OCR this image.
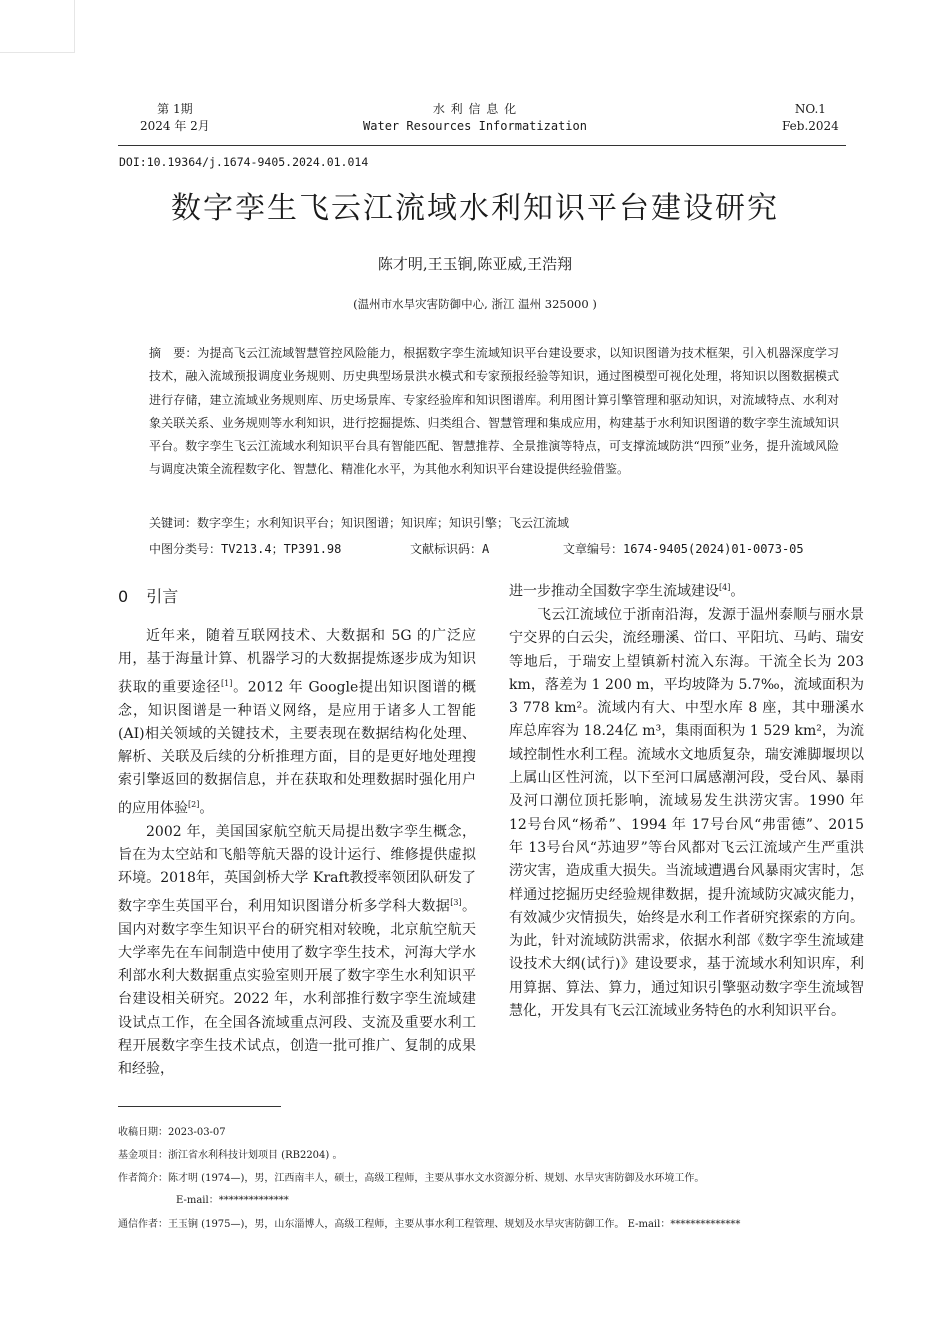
第 1期
2024 年 2月
水 利 信 息 化
Water Resources Informatization
NO.1
Feb.2024
DOI:10.19364/j.1674-9405.2024.01.014
数字孪生飞云江流域水利知识平台建设研究
陈才明,王玉锏,陈亚威,王浩翔
(温州市水旱灾害防御中心, 浙江 温州 325000 )
摘　要：为提高飞云江流域智慧管控风险能力，根据数字孪生流域知识平台建设要求，以知识图谱为技术框架，引入机器深度学习技术，融入流域预报调度业务规则、历史典型场景洪水模式和专家预报经验等知识，通过图模型可视化处理，将知识以图数据模式进行存储，建立流域业务规则库、历史场景库、专家经验库和知识图谱库。利用图计算引擎管理和驱动知识，对流域特点、水利对象关联关系、业务规则等水利知识，进行挖掘提炼、归类组合、智慧管理和集成应用，构建基于水利知识图谱的数字孪生流域知识平台。数字孪生飞云江流域水利知识平台具有智能匹配、智慧推荐、全景推演等特点，可支撑流域防洪“四预”业务，提升流域风险与调度决策全流程数字化、智慧化、精准化水平，为其他水利知识平台建设提供经验借鉴。
关键词：数字孪生；水利知识平台；知识图谱；知识库；知识引擎；飞云江流域
中图分类号：TV213.4；TP391.98	文献标识码：A	文章编号：1674-9405(2024)01-0073-05
0 引言

近年来，随着互联网技术、大数据和 5G 的广泛应用，基于海量计算、机器学习的大数据提炼逐步成为知识获取的重要途径[1]。2012 年 Google提出知识图谱的概念，知识图谱是一种语义网络，是应用于诸多人工智能(AI)相关领域的关键技术，主要表现在数据结构化处理、解析、关联及后续的分析推理方面，目的是更好地处理搜索引擎返回的数据信息，并在获取和处理数据时强化用户的应用体验[2]。

2002 年，美国国家航空航天局提出数字孪生概念，旨在为太空站和飞船等航天器的设计运行、维修提供虚拟环境。2018年，英国剑桥大学 Kraft教授率领团队研发了数字孪生英国平台，利用知识图谱分析多学科大数据[3]。国内对数字孪生知识平台的研究相对较晚，北京航空航天大学率先在车间制造中使用了数字孪生技术，河海大学水利部水利大数据重点实验室则开展了数字孪生水利知识平台建设相关研究。2022 年，水利部推行数字孪生流域建设试点工作，在全国各流域重点河段、支流及重要水利工程开展数字孪生技术试点，创造一批可推广、复制的成果和经验，

进一步推动全国数字孪生流域建设[4]。

飞云江流域位于浙南沿海，发源于温州泰顺与丽水景宁交界的白云尖，流经珊溪、峃口、平阳坑、马屿、瑞安等地后，于瑞安上望镇新村流入东海。干流全长为 203 km，落差为 1 200 m，平均坡降为 5.7‰，流域面积为 3 778 km²。流域内有大、中型水库 8 座，其中珊溪水库总库容为 18.24亿 m³，集雨面积为 1 529 km²，为流域控制性水利工程。流域水文地质复杂，瑞安滩脚堰坝以上属山区性河流，以下至河口属感潮河段，受台风、暴雨及河口潮位顶托影响，流域易发生洪涝灾害。1990 年 12号台风“杨希”、1994 年 17号台风“弗雷德”、2015 年 13号台风“苏迪罗”等台风都对飞云江流域产生严重洪涝灾害，造成重大损失。当流域遭遇台风暴雨灾害时，怎样通过挖掘历史经验规律数据，提升流域防灾减灾能力，有效减少灾情损失，始终是水利工作者研究探索的方向。为此，针对流域防洪需求，依据水利部《数字孪生流域建设技术大纲(试行)》建设要求，基于流域水利知识库，利用算据、算法、算力，通过知识引擎驱动数字孪生流域智慧化，开发具有飞云江流域业务特色的水利知识平台。

收稿日期：2023-03-07
基金项目：浙江省水利科技计划项目 (RB2204) 。
作者简介：陈才明 (1974—)，男，江西南丰人，硕士，高级工程师，主要从事水文水资源分析、规划、水旱灾害防御及水环境工作。
E-mail：**************
通信作者：王玉锏 (1975—)，男，山东淄博人，高级工程师，主要从事水利工程管理、规划及水旱灾害防御工作。 E-mail：**************
